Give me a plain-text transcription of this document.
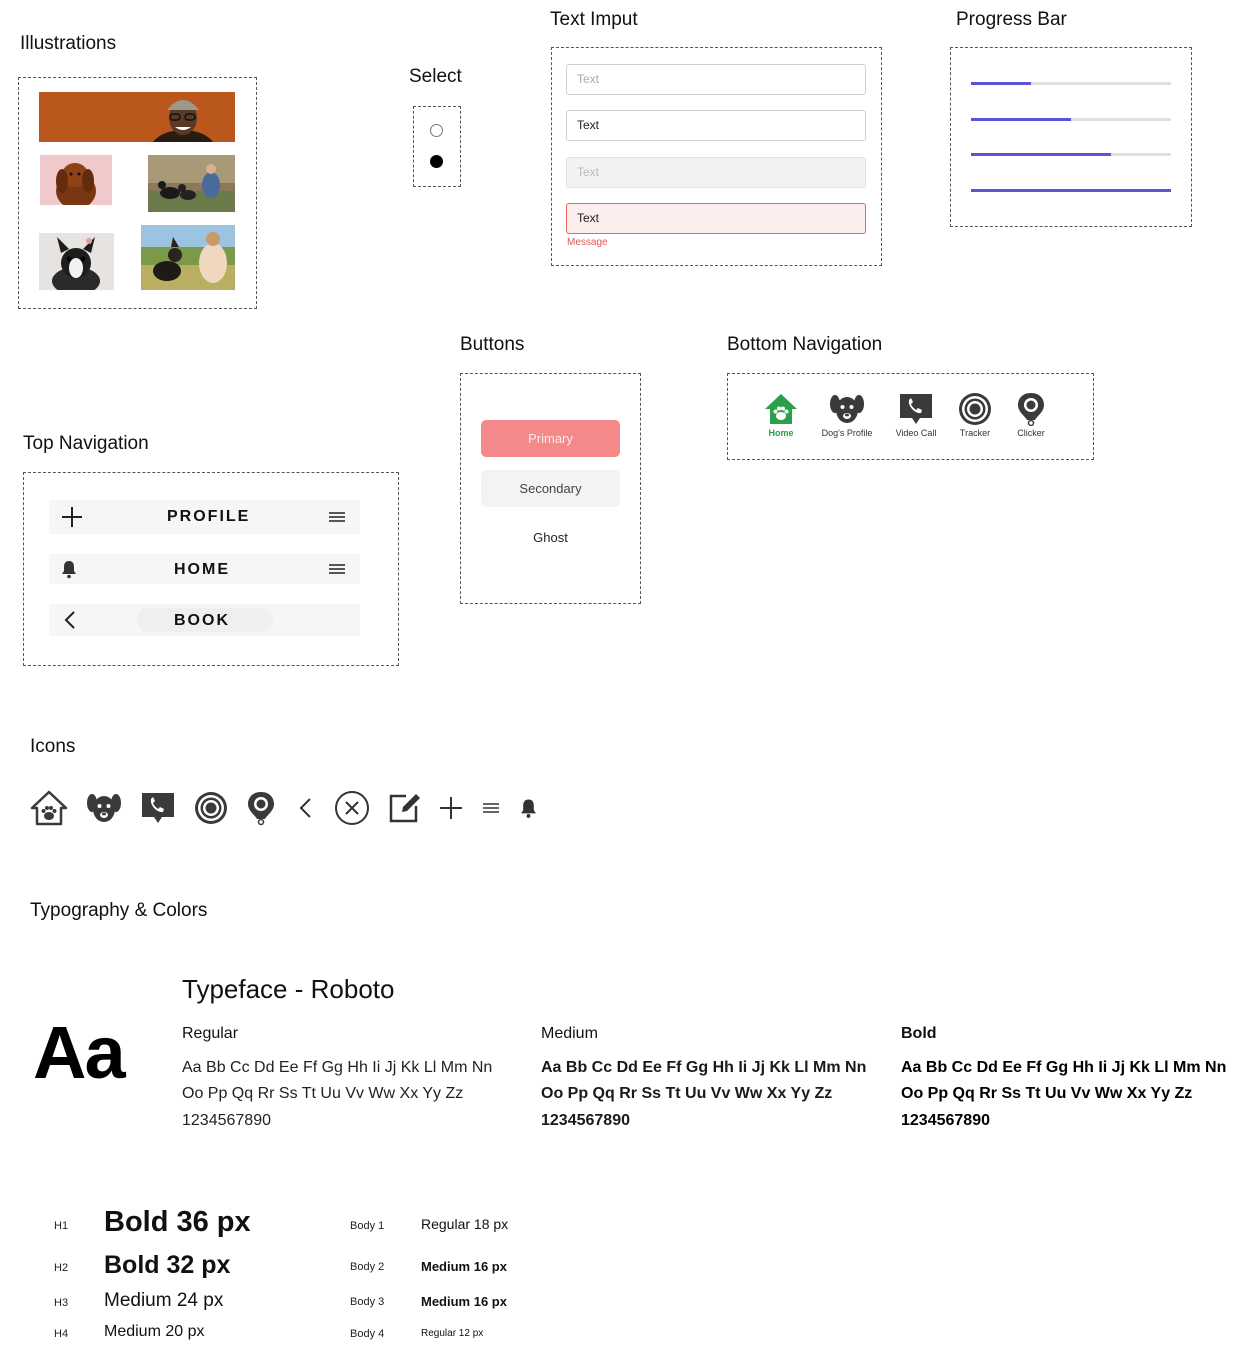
Illustrations
Select
Text Imput
Text
Text
Text
Text
Message
Progress Bar
Buttons
Primary
Secondary
Ghost
Bottom Navigation
Home	Dog's Profile	Video Call	Tracker	Clicker
Top Navigation
PROFILE
HOME
BOOK
Icons
Typography & Colors
Aa
Typeface - Roboto
Regular
Aa Bb Cc Dd Ee Ff Gg Hh Ii Jj Kk Ll Mm Nn
Oo Pp Qq Rr Ss Tt Uu Vv Ww Xx Yy Zz
1234567890
Medium
Aa Bb Cc Dd Ee Ff Gg Hh Ii Jj Kk Ll Mm Nn
Oo Pp Qq Rr Ss Tt Uu Vv Ww Xx Yy Zz
1234567890
Bold
Aa Bb Cc Dd Ee Ff Gg Hh Ii Jj Kk Ll Mm Nn
Oo Pp Qq Rr Ss Tt Uu Vv Ww Xx Yy Zz
1234567890
H1 Bold 36 px
H2 Bold 32 px
H3 Medium 24 px
H4 Medium 20 px
Body 1	Regular 18 px
Body 2	Medium 16 px
Body 3	Medium 16 px
Body 4	Regular 12 px
